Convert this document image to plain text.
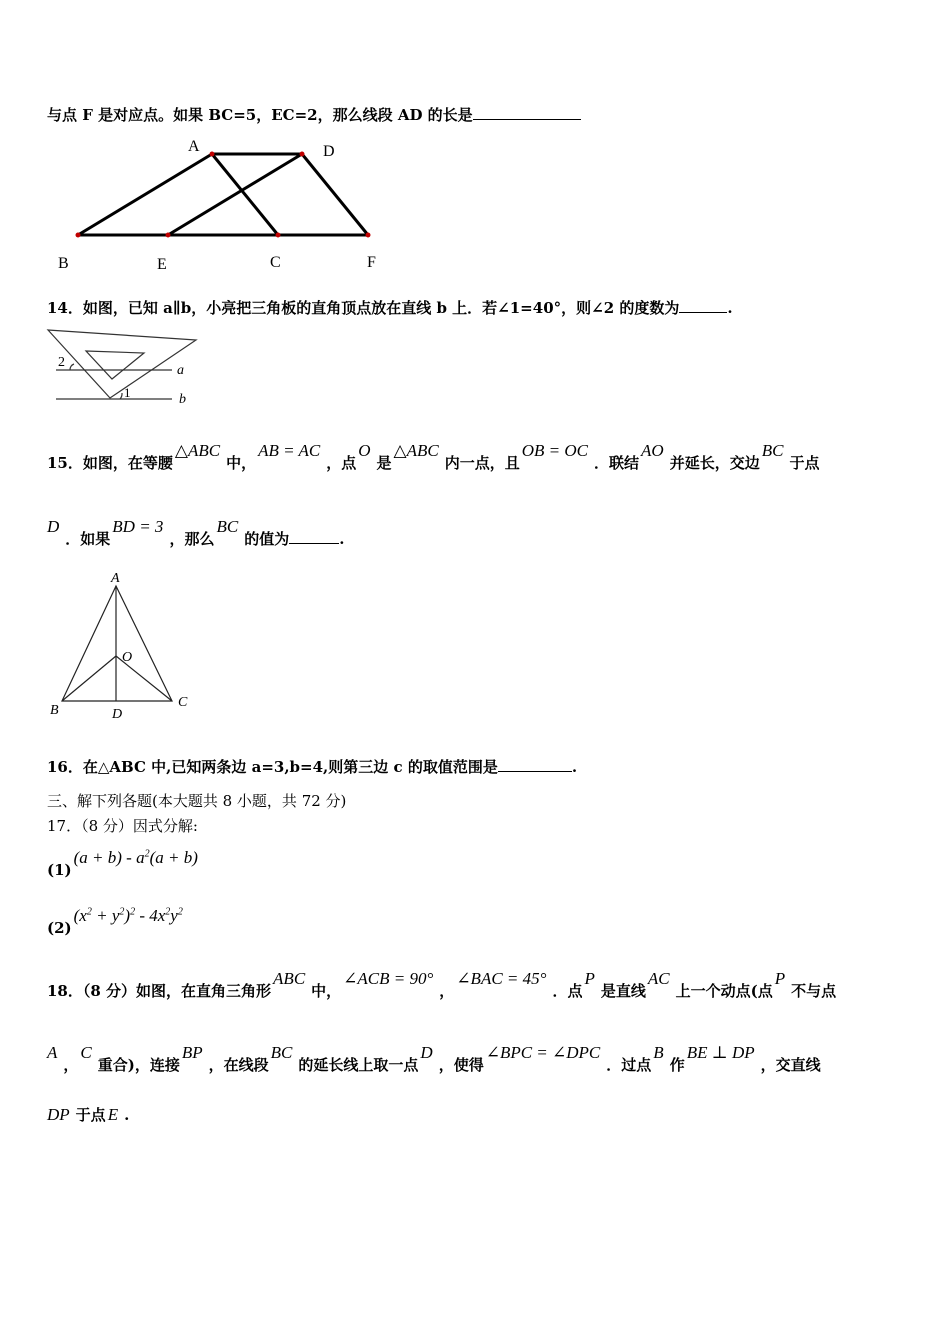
与点 F 是对应点。如果 BC=5，EC=2，那么线段 AD 的长是
A	D
B	E	C	F
14．如图，已知 a∥b，小亮把三角板的直角顶点放在直线 b 上．若∠1=40°，则∠2 的度数为	.
2
1
a
b
15．如图，在等腰△ABC中，AB = AC，点O是△ABC内一点，且OB = OC．联结AO并延长，交边BC于点
D．如果BD = 3，那么BC的值为	.
A
O
B	D
C
16．在△ABC 中,已知两条边 a=3,b=4,则第三边 c 的取值范围是	.
三、解下列各题(本大题共 8 小题，共 72 分)
17．（8 分）因式分解:
$(1)(a + b) - a^2(a + b)$
$(2)(x^2 + y^2)^2 - 4x^2y^2$
18．（8 分）如图，在直角三角形ABC中，∠ACB = 90°，∠BAC = 45°．点P是直线AC上一个动点(点P不与点
A，C重合)，连接BP，在线段BC的延长线上取一点D，使得∠BPC = ∠DPC．过点B作BE ⊥ DP，交直线
DP 于点 E .
